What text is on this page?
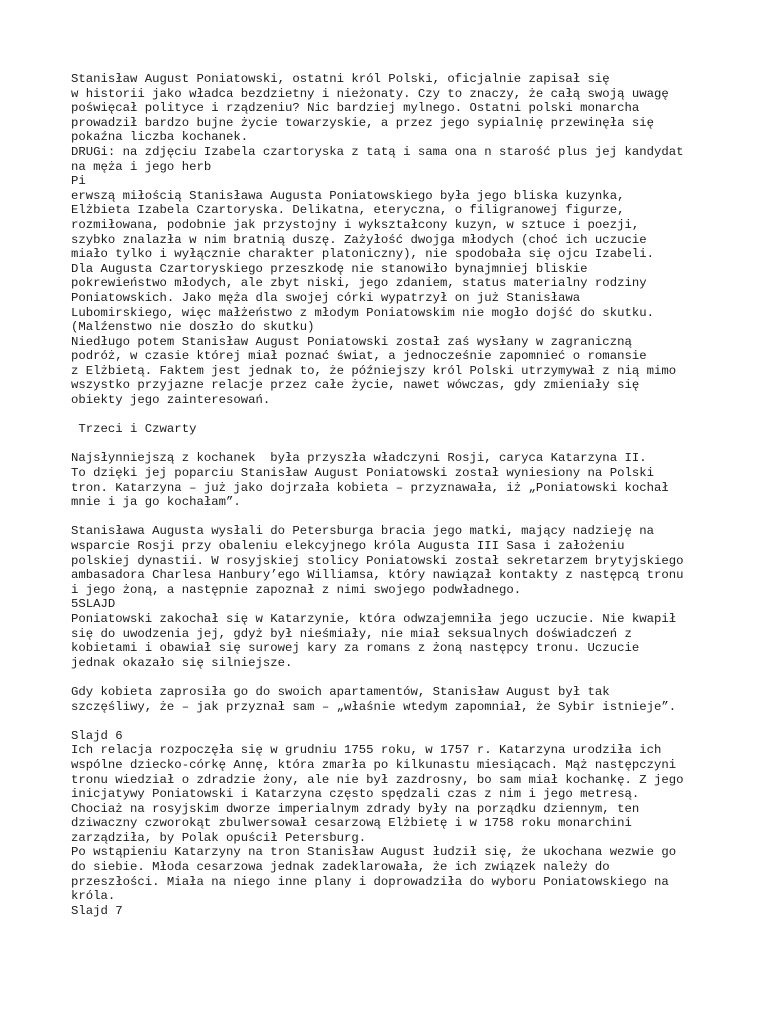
Stanisław August Poniatowski, ostatni król Polski, oficjalnie zapisał się
w historii jako władca bezdzietny i nieżonaty. Czy to znaczy, że całą swoją uwagę
poświęcał polityce i rządzeniu? Nic bardziej mylnego. Ostatni polski monarcha
prowadził bardzo bujne życie towarzyskie, a przez jego sypialnię przewinęła się
pokaźna liczba kochanek.
DRUGi: na zdjęciu Izabela czartoryska z tatą i sama ona n starość plus jej kandydat
na męża i jego herb
Pi
erwszą miłością Stanisława Augusta Poniatowskiego była jego bliska kuzynka,
Elżbieta Izabela Czartoryska. Delikatna, eteryczna, o filigranowej figurze,
rozmiłowana, podobnie jak przystojny i wykształcony kuzyn, w sztuce i poezji,
szybko znalazła w nim bratnią duszę. Zażyłość dwojga młodych (choć ich uczucie
miało tylko i wyłącznie charakter platoniczny), nie spodobała się ojcu Izabeli.
Dla Augusta Czartoryskiego przeszkodę nie stanowiło bynajmniej bliskie
pokrewieństwo młodych, ale zbyt niski, jego zdaniem, status materialny rodziny
Poniatowskich. Jako męża dla swojej córki wypatrzył on już Stanisława
Lubomirskiego, więc małżeństwo z młodym Poniatowskim nie mogło dojść do skutku.
(Malźenstwo nie doszło do skutku)
Niedługo potem Stanisław August Poniatowski został zaś wysłany w zagraniczną
podróż, w czasie której miał poznać świat, a jednocześnie zapomnieć o romansie
z Elżbietą. Faktem jest jednak to, że późniejszy król Polski utrzymywał z nią mimo
wszystko przyjazne relacje przez całe życie, nawet wówczas, gdy zmieniały się
obiekty jego zainteresowań.
Trzeci i Czwarty
Najsłynniejszą z kochanek  była przyszła władczyni Rosji, caryca Katarzyna II.
To dzięki jej poparciu Stanisław August Poniatowski został wyniesiony na Polski
tron. Katarzyna – już jako dojrzała kobieta – przyznawała, iż „Poniatowski kochał
mnie i ja go kochałam”.
Stanisława Augusta wysłali do Petersburga bracia jego matki, mający nadzieję na
wsparcie Rosji przy obaleniu elekcyjnego króla Augusta III Sasa i założeniu
polskiej dynastii. W rosyjskiej stolicy Poniatowski został sekretarzem brytyjskiego
ambasadora Charlesa Hanbury’ego Williamsa, który nawiązał kontakty z następcą tronu
i jego żoną, a następnie zapoznał z nimi swojego podwładnego.
5SLAJD
Poniatowski zakochał się w Katarzynie, która odwzajemniła jego uczucie. Nie kwapił
się do uwodzenia jej, gdyż był nieśmiały, nie miał seksualnych doświadczeń z
kobietami i obawiał się surowej kary za romans z żoną następcy tronu. Uczucie
jednak okazało się silniejsze.
Gdy kobieta zaprosiła go do swoich apartamentów, Stanisław August był tak
szczęśliwy, że – jak przyznał sam – „właśnie wtedym zapomniał, że Sybir istnieje”.
Slajd 6
Ich relacja rozpoczęła się w grudniu 1755 roku, w 1757 r. Katarzyna urodziła ich
wspólne dziecko-córkę Annę, która zmarła po kilkunastu miesiącach. Mąż następczyni
tronu wiedział o zdradzie żony, ale nie był zazdrosny, bo sam miał kochankę. Z jego
inicjatywy Poniatowski i Katarzyna często spędzali czas z nim i jego metresą.
Chociaż na rosyjskim dworze imperialnym zdrady były na porządku dziennym, ten
dziwaczny czworokąt zbulwersował cesarzową Elżbietę i w 1758 roku monarchini
zarządziła, by Polak opuścił Petersburg.
Po wstąpieniu Katarzyny na tron Stanisław August łudził się, że ukochana wezwie go
do siebie. Młoda cesarzowa jednak zadeklarowała, że ich związek należy do
przeszłości. Miała na niego inne plany i doprowadziła do wyboru Poniatowskiego na
króla.
Slajd 7
